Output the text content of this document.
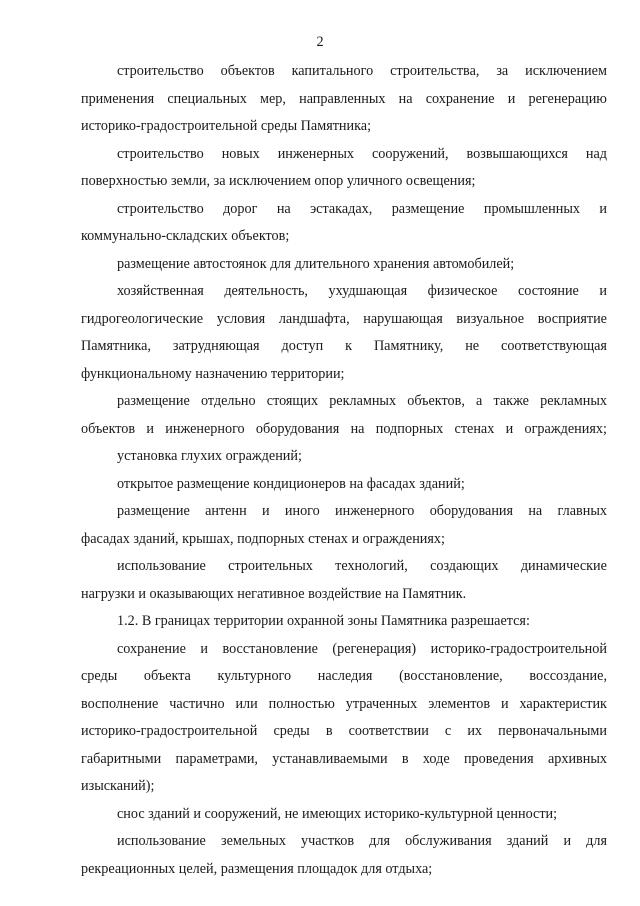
2
строительство объектов капитального строительства, за исключением
применения специальных мер, направленных на сохранение и регенерацию
историко-градостроительной среды Памятника;
строительство новых инженерных сооружений, возвышающихся над
поверхностью земли, за исключением опор уличного освещения;
строительство дорог на эстакадах, размещение промышленных и
коммунально-складских объектов;
размещение автостоянок для длительного хранения автомобилей;
хозяйственная деятельность, ухудшающая физическое состояние и
гидрогеологические условия ландшафта, нарушающая визуальное восприятие
Памятника, затрудняющая доступ к Памятнику, не соответствующая
функциональному назначению территории;
размещение отдельно стоящих рекламных объектов, а также рекламных
объектов и инженерного оборудования на подпорных стенах и ограждениях;
установка глухих ограждений;
открытое размещение кондиционеров на фасадах зданий;
размещение антенн и иного инженерного оборудования на главных
фасадах зданий, крышах, подпорных стенах и ограждениях;
использование строительных технологий, создающих динамические
нагрузки и оказывающих негативное воздействие на Памятник.
1.2. В границах территории охранной зоны Памятника разрешается:
сохранение и восстановление (регенерация) историко-градостроительной
среды объекта культурного наследия (восстановление, воссоздание,
восполнение частично или полностью утраченных элементов и характеристик
историко-градостроительной среды в соответствии с их первоначальными
габаритными параметрами, устанавливаемыми в ходе проведения архивных
изысканий);
снос зданий и сооружений, не имеющих историко-культурной ценности;
использование земельных участков для обслуживания зданий и для
рекреационных целей, размещения площадок для отдыха;
